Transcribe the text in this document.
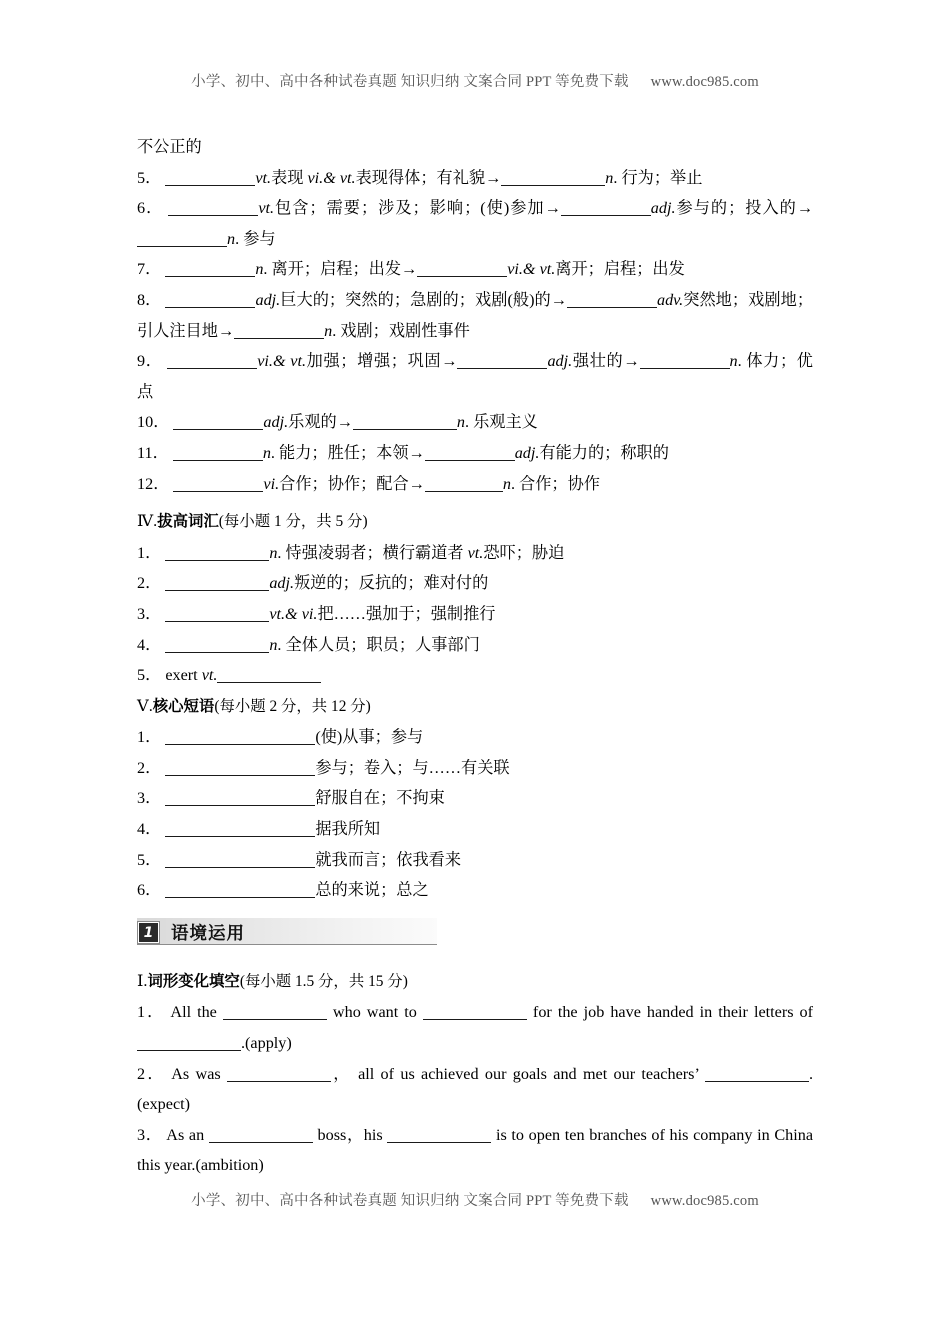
小学、初中、高中各种试卷真题 知识归纳 文案合同 PPT 等免费下载 www.doc985.com

不公正的

5．	vt.表现 vi.& vt.表现得体；有礼貌→	n. 行为；举止

6．	vt.包含；需要；涉及；影响；(使)参加→	adj.参与的；投入的→n. 参与

7．	n. 离开；启程；出发→	vi.& vt.离开；启程；出发

8．	adj.巨大的；突然的；急剧的；戏剧(般)的→	adv.突然地；戏剧地；引人注目地→	n. 戏剧；戏剧性事件

9．	vi.& vt.加强；增强；巩固→	adj.强壮的→	n. 体力；优点

10．	adj.乐观的→	n. 乐观主义

11．	n. 能力；胜任；本领→	adj.有能力的；称职的

12．	vi.合作；协作；配合→	n. 合作；协作

Ⅳ.拔高词汇(每小题 1 分，共 5 分)

1．	n. 恃强凌弱者；横行霸道者 vt.恐吓；胁迫

2．	adj.叛逆的；反抗的；难对付的

3．	vt.& vi.把……强加于；强制推行

4．	n. 全体人员；职员；人事部门

5． exert vt.

Ⅴ.核心短语(每小题 2 分，共 12 分)

1．	(使)从事；参与

2．	参与；卷入；与……有关联

3．	舒服自在；不拘束

4．	据我所知

5．	就我而言；依我看来

6．	总的来说；总之

1	语境运用

Ⅰ.词形变化填空(每小题 1.5 分，共 15 分)

1． All the	who want to	for the job have handed in their letters of .(apply)

2． As was	， all of us achieved our goals and met our teachers’	.(expect)

3． As an	boss，his	is to open ten branches of his company in China this year.(ambition)

小学、初中、高中各种试卷真题 知识归纳 文案合同 PPT 等免费下载 www.doc985.com
